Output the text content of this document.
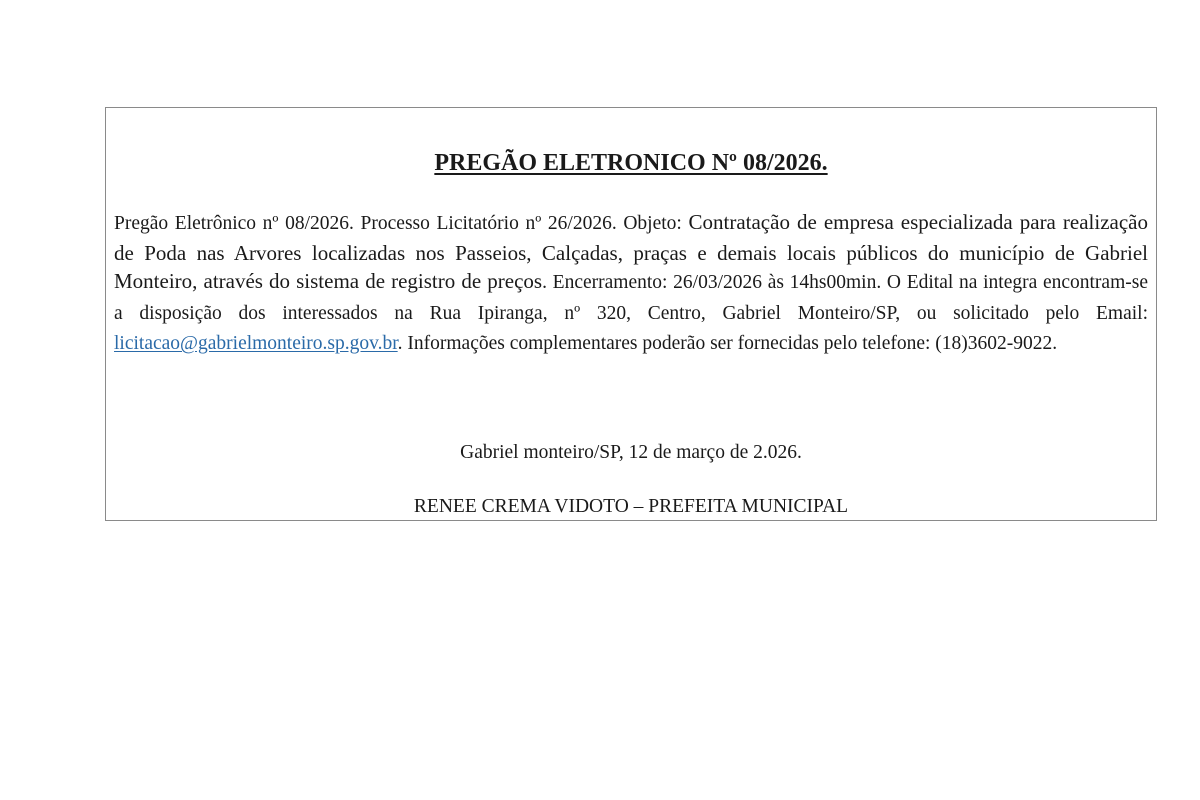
PREGÃO ELETRONICO Nº 08/2026.

Pregão Eletrônico nº 08/2026. Processo Licitatório nº 26/2026. Objeto: Contratação de empresa especializada para realização de Poda nas Arvores localizadas nos Passeios, Calçadas, praças e demais locais públicos do município de Gabriel Monteiro, através do sistema de registro de preços. Encerramento: 26/03/2026 às 14hs00min. O Edital na integra encontram-se a disposição dos interessados na Rua Ipiranga, nº 320, Centro, Gabriel Monteiro/SP, ou solicitado pelo Email: licitacao@gabrielmonteiro.sp.gov.br. Informações complementares poderão ser fornecidas pelo telefone: (18)3602-9022.

Gabriel monteiro/SP, 12 de março de 2.026.

RENEE CREMA VIDOTO – PREFEITA MUNICIPAL
